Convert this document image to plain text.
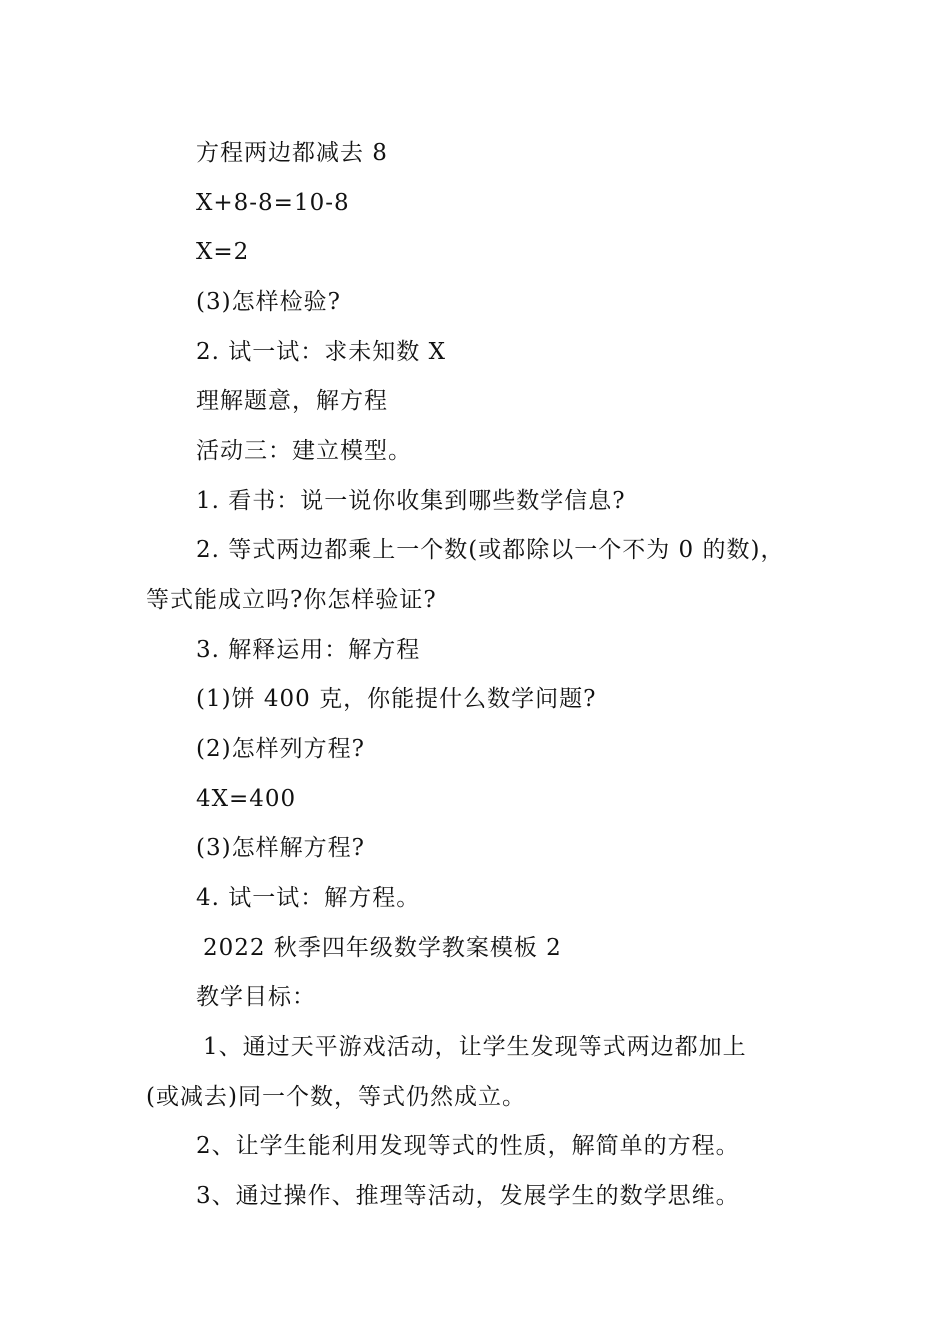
方程两边都减去 8
X+8-8=10-8
X=2
(3)怎样检验?
2. 试一试：求未知数 X
理解题意，解方程
活动三：建立模型。
1. 看书：说一说你收集到哪些数学信息?
2. 等式两边都乘上一个数(或都除以一个不为 0 的数)，
等式能成立吗?你怎样验证?
3. 解释运用：解方程
(1)饼 400 克，你能提什么数学问题?
(2)怎样列方程?
4X=400
(3)怎样解方程?
4. 试一试：解方程。
2022 秋季四年级数学教案模板 2
教学目标：
1、通过天平游戏活动，让学生发现等式两边都加上
(或减去)同一个数，等式仍然成立。
2、让学生能利用发现等式的性质，解简单的方程。
3、通过操作、推理等活动，发展学生的数学思维。
